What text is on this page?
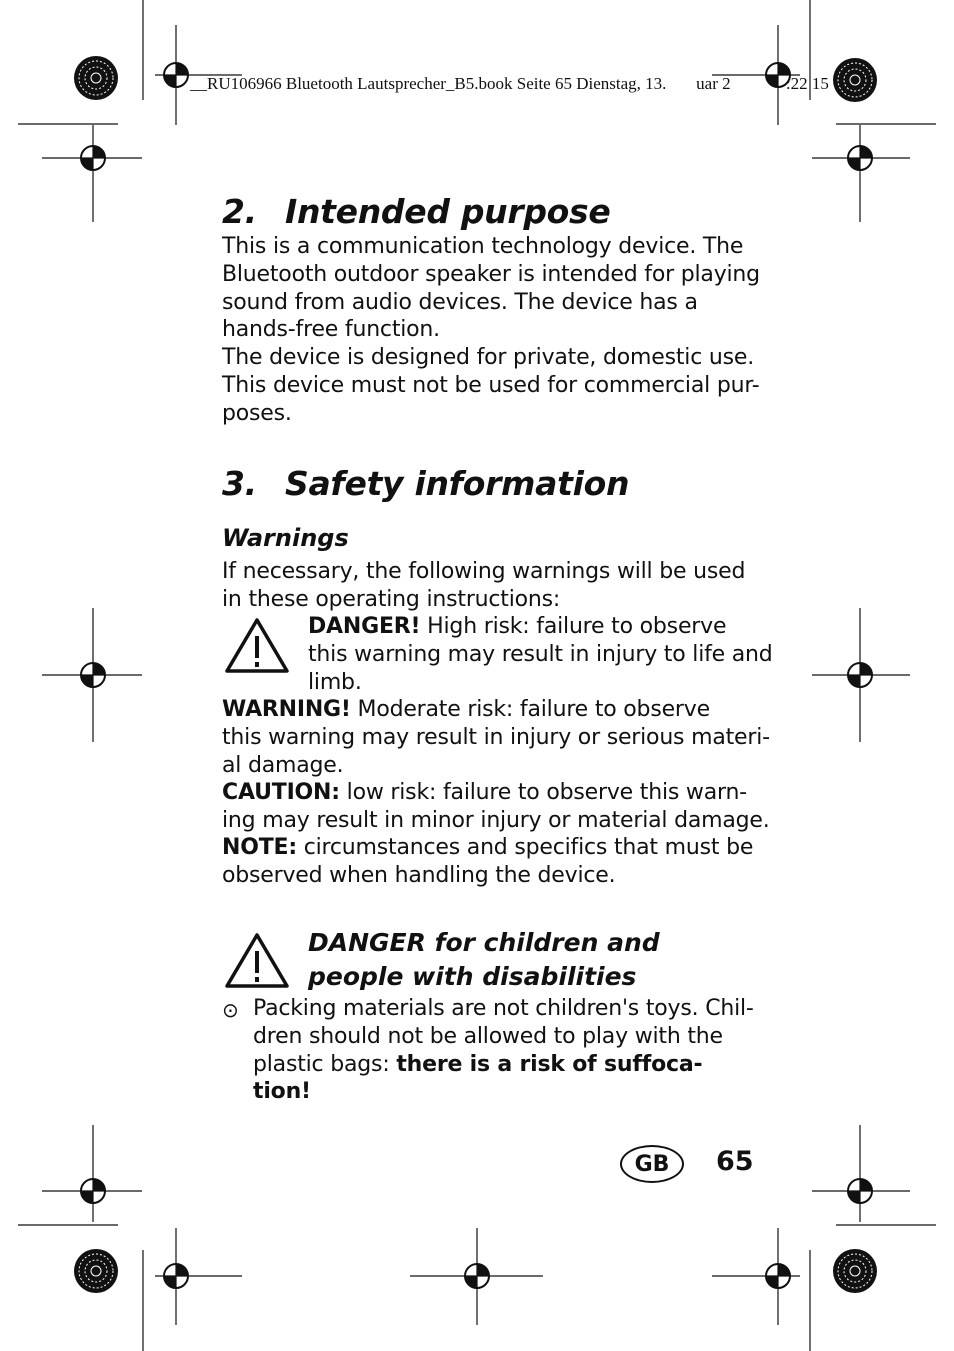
__RU106966 Bluetooth Lautsprecher_B5.book Seite 65 Dienstag, 13.       uar 2             :22 15
2. Intended purpose
This is a communication technology device. The
Bluetooth outdoor speaker is intended for playing
sound from audio devices. The device has a
hands-free function.
The device is designed for private, domestic use.
This device must not be used for commercial pur-
poses.
3. Safety information
Warnings
If necessary, the following warnings will be used
in these operating instructions:
DANGER! High risk: failure to observe
this warning may result in injury to life and
limb.
WARNING! Moderate risk: failure to observe
this warning may result in injury or serious materi-
al damage.
CAUTION: low risk: failure to observe this warn-
ing may result in minor injury or material damage.
NOTE: circumstances and specifics that must be
observed when handling the device.
DANGER for children and
people with disabilities
⊙ Packing materials are not children's toys. Chil-
dren should not be allowed to play with the
plastic bags: there is a risk of suffoca-
tion!
GB 65
